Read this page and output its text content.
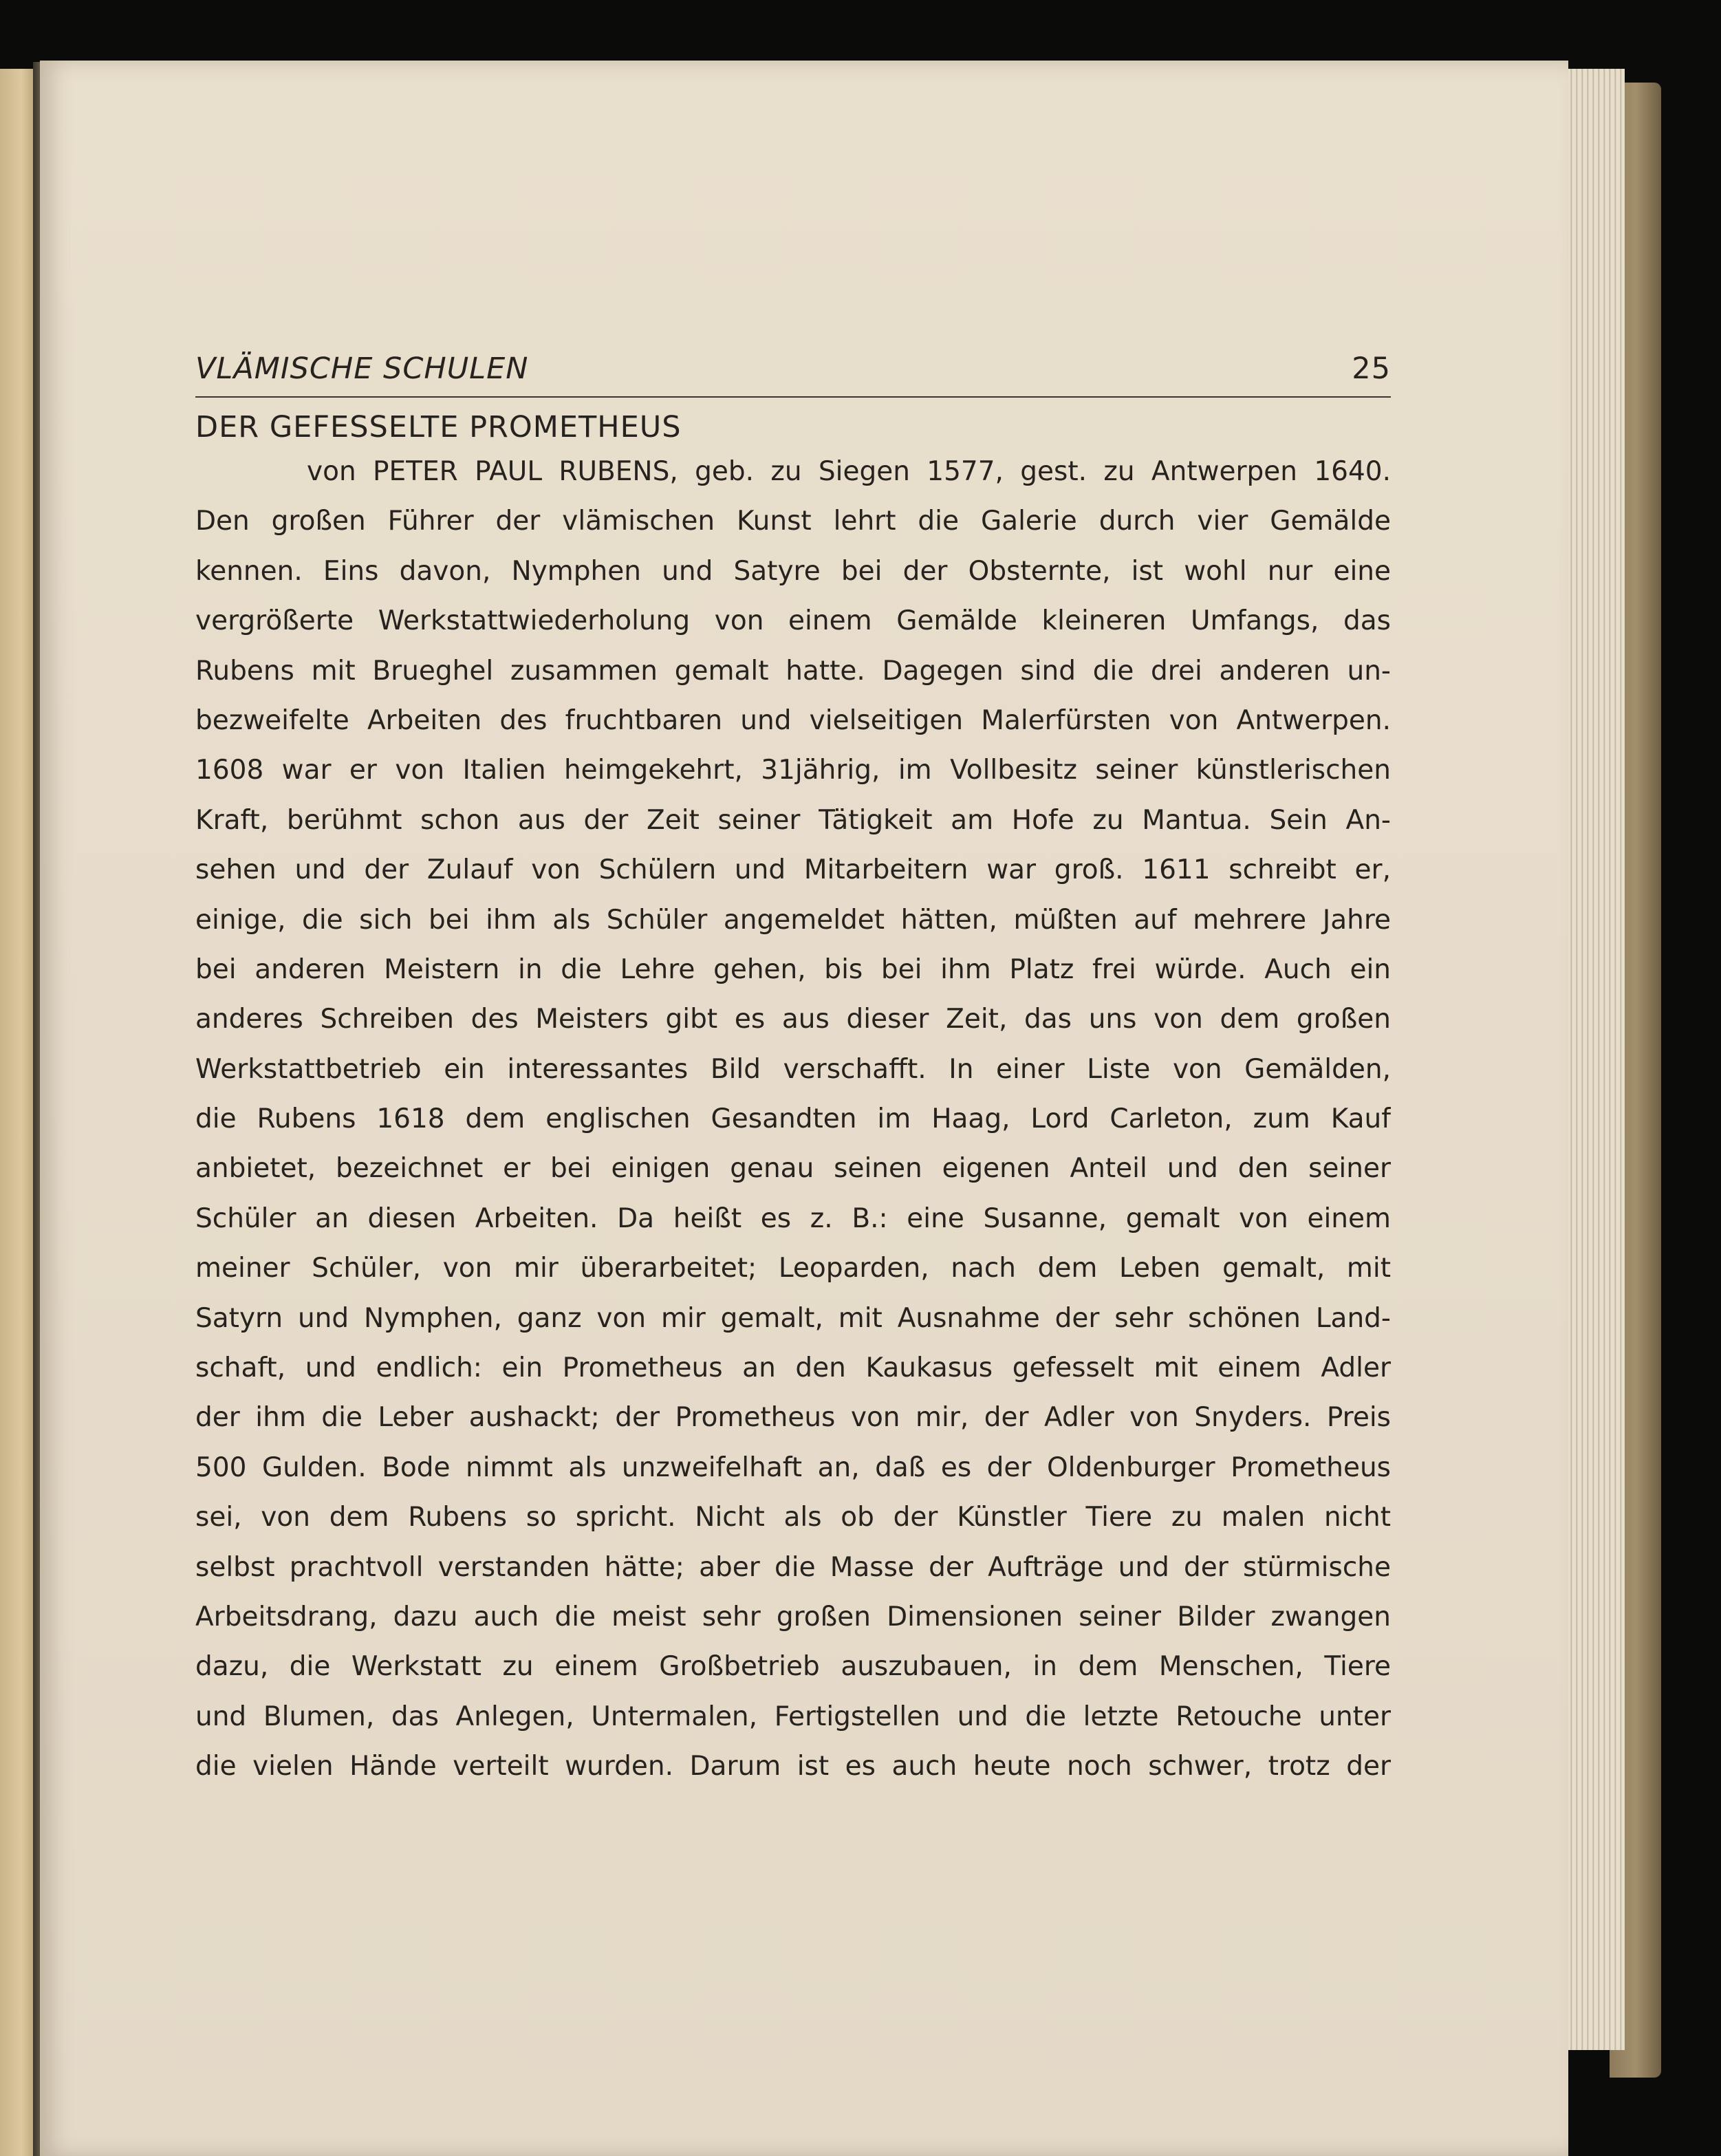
VLÄMISCHE SCHULEN	25
DER GEFESSELTE PROMETHEUS
von PETER PAUL RUBENS, geb. zu Siegen 1577, gest. zu Antwerpen 1640.
Den großen Führer der vlämischen Kunst lehrt die Galerie durch vier Gemälde
kennen. Eins davon, Nymphen und Satyre bei der Obsternte, ist wohl nur eine
vergrößerte Werkstattwiederholung von einem Gemälde kleineren Umfangs, das
Rubens mit Brueghel zusammen gemalt hatte. Dagegen sind die drei anderen un-
bezweifelte Arbeiten des fruchtbaren und vielseitigen Malerfürsten von Antwerpen.
1608 war er von Italien heimgekehrt, 31jährig, im Vollbesitz seiner künstlerischen
Kraft, berühmt schon aus der Zeit seiner Tätigkeit am Hofe zu Mantua. Sein An-
sehen und der Zulauf von Schülern und Mitarbeitern war groß. 1611 schreibt er,
einige, die sich bei ihm als Schüler angemeldet hätten, müßten auf mehrere Jahre
bei anderen Meistern in die Lehre gehen, bis bei ihm Platz frei würde. Auch ein
anderes Schreiben des Meisters gibt es aus dieser Zeit, das uns von dem großen
Werkstattbetrieb ein interessantes Bild verschafft. In einer Liste von Gemälden,
die Rubens 1618 dem englischen Gesandten im Haag, Lord Carleton, zum Kauf
anbietet, bezeichnet er bei einigen genau seinen eigenen Anteil und den seiner
Schüler an diesen Arbeiten. Da heißt es z. B.: eine Susanne, gemalt von einem
meiner Schüler, von mir überarbeitet; Leoparden, nach dem Leben gemalt, mit
Satyrn und Nymphen, ganz von mir gemalt, mit Ausnahme der sehr schönen Land-
schaft, und endlich: ein Prometheus an den Kaukasus gefesselt mit einem Adler
der ihm die Leber aushackt; der Prometheus von mir, der Adler von Snyders. Preis
500 Gulden. Bode nimmt als unzweifelhaft an, daß es der Oldenburger Prometheus
sei, von dem Rubens so spricht. Nicht als ob der Künstler Tiere zu malen nicht
selbst prachtvoll verstanden hätte; aber die Masse der Aufträge und der stürmische
Arbeitsdrang, dazu auch die meist sehr großen Dimensionen seiner Bilder zwangen
dazu, die Werkstatt zu einem Großbetrieb auszubauen, in dem Menschen, Tiere
und Blumen, das Anlegen, Untermalen, Fertigstellen und die letzte Retouche unter
die vielen Hände verteilt wurden. Darum ist es auch heute noch schwer, trotz der
